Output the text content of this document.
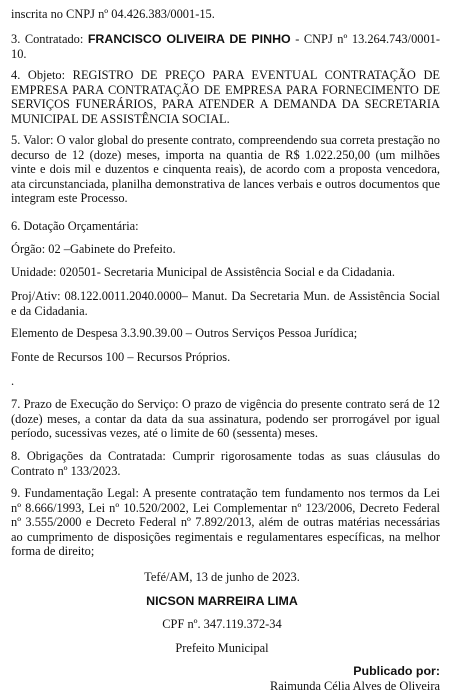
inscrita no CNPJ nº 04.426.383/0001-15.

3. Contratado: FRANCISCO OLIVEIRA DE PINHO - CNPJ nº 13.264.743/0001-10.

4. Objeto: REGISTRO DE PREÇO PARA EVENTUAL CONTRATAÇÃO DE EMPRESA PARA CONTRATAÇÃO DE EMPRESA PARA FORNECIMENTO DE SERVIÇOS FUNERÁRIOS, PARA ATENDER A DEMANDA DA SECRETARIA MUNICIPAL DE ASSISTÊNCIA SOCIAL.

5. Valor: O valor global do presente contrato, compreendendo sua correta prestação no decurso de 12 (doze) meses, importa na quantia de R$ 1.022.250,00 (um milhões vinte e dois mil e duzentos e cinquenta reais), de acordo com a proposta vencedora, ata circunstanciada, planilha demonstrativa de lances verbais e outros documentos que integram este Processo.

6. Dotação Orçamentária:

Órgão: 02 –Gabinete do Prefeito.

Unidade: 020501- Secretaria Municipal de Assistência Social e da Cidadania.

Proj/Ativ: 08.122.0011.2040.0000– Manut. Da Secretaria Mun. de Assistência Social e da Cidadania.

Elemento de Despesa 3.3.90.39.00 – Outros Serviços Pessoa Jurídica;

Fonte de Recursos 100 – Recursos Próprios.

.

7. Prazo de Execução do Serviço: O prazo de vigência do presente contrato será de 12 (doze) meses, a contar da data da sua assinatura, podendo ser prorrogável por igual período, sucessivas vezes, até o limite de 60 (sessenta) meses.

8. Obrigações da Contratada: Cumprir rigorosamente todas as suas cláusulas do Contrato nº 133/2023.

9. Fundamentação Legal: A presente contratação tem fundamento nos termos da Lei nº 8.666/1993, Lei nº 10.520/2002, Lei Complementar nº 123/2006, Decreto Federal nº 3.555/2000 e Decreto Federal nº 7.892/2013, além de outras matérias necessárias ao cumprimento de disposições regimentais e regulamentares específicas, na melhor forma de direito;

Tefé/AM, 13 de junho de 2023.
NICSON MARREIRA LIMA
CPF nº. 347.119.372-34
Prefeito Municipal
Publicado por:
Raimunda Célia Alves de Oliveira
